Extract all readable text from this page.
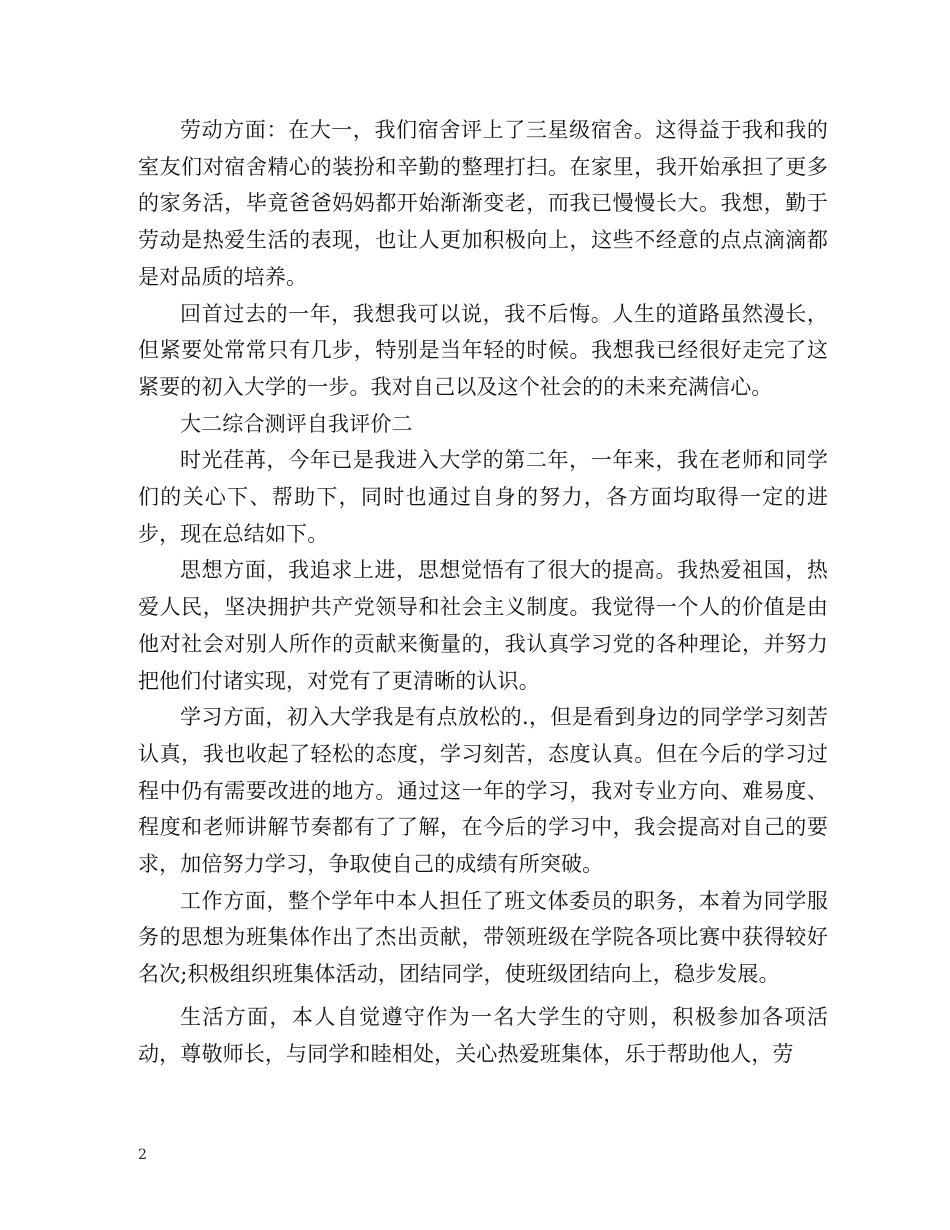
劳动方面：在大一，我们宿舍评上了三星级宿舍。这得益于我和我的室友们对宿舍精心的装扮和辛勤的整理打扫。在家里，我开始承担了更多的家务活，毕竟爸爸妈妈都开始渐渐变老，而我已慢慢长大。我想，勤于劳动是热爱生活的表现，也让人更加积极向上，这些不经意的点点滴滴都是对品质的培养。

回首过去的一年，我想我可以说，我不后悔。人生的道路虽然漫长，但紧要处常常只有几步，特别是当年轻的时候。我想我已经很好走完了这紧要的初入大学的一步。我对自己以及这个社会的的未来充满信心。

大二综合测评自我评价二

时光荏苒，今年已是我进入大学的第二年，一年来，我在老师和同学们的关心下、帮助下，同时也通过自身的努力，各方面均取得一定的进步，现在总结如下。

思想方面，我追求上进，思想觉悟有了很大的提高。我热爱祖国，热爱人民，坚决拥护共产党领导和社会主义制度。我觉得一个人的价值是由他对社会对别人所作的贡献来衡量的，我认真学习党的各种理论，并努力把他们付诸实现，对党有了更清晰的认识。

学习方面，初入大学我是有点放松的.，但是看到身边的同学学习刻苦认真，我也收起了轻松的态度，学习刻苦，态度认真。但在今后的学习过程中仍有需要改进的地方。通过这一年的学习，我对专业方向、难易度、程度和老师讲解节奏都有了了解，在今后的学习中，我会提高对自己的要求，加倍努力学习，争取使自己的成绩有所突破。

工作方面，整个学年中本人担任了班文体委员的职务，本着为同学服务的思想为班集体作出了杰出贡献，带领班级在学院各项比赛中获得较好名次;积极组织班集体活动，团结同学，使班级团结向上，稳步发展。

生活方面，本人自觉遵守作为一名大学生的守则，积极参加各项活动，尊敬师长，与同学和睦相处，关心热爱班集体，乐于帮助他人，劳

2
